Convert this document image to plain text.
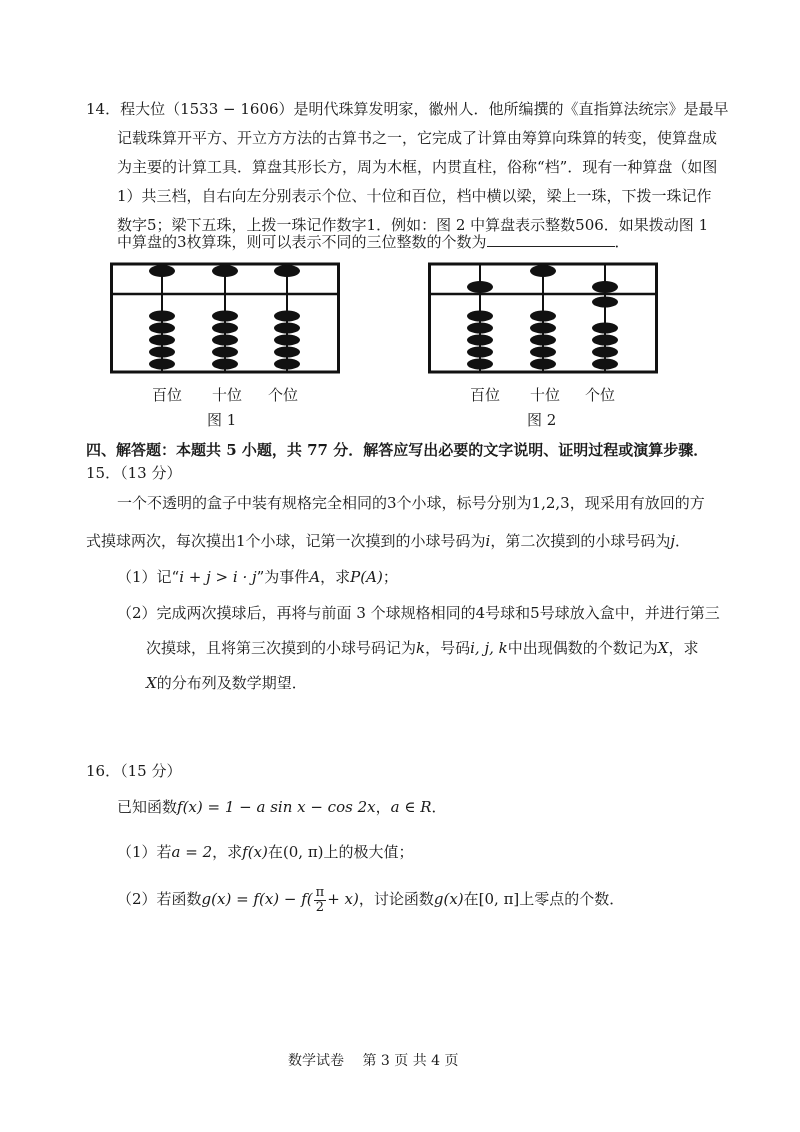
14．程大位（1533 − 1606）是明代珠算发明家，徽州人．他所编撰的《直指算法统宗》是最早
记载珠算开平方、开立方方法的古算书之一，它完成了计算由筹算向珠算的转变，使算盘成
为主要的计算工具．算盘其形长方，周为木框，内贯直柱，俗称“档”．现有一种算盘（如图
1）共三档，自右向左分别表示个位、十位和百位，档中横以梁，梁上一珠，下拨一珠记作
数字5；梁下五珠，上拨一珠记作数字1．例如：图 2 中算盘表示整数506．如果拨动图 1
中算盘的3枚算珠，则可以表示不同的三位整数的个数为	．
百位 十位 个位
图 1
百位 十位 个位
图 2
四、解答题：本题共 5 小题，共 77 分．解答应写出必要的文字说明、证明过程或演算步骤．
15．（13 分）
一个不透明的盒子中装有规格完全相同的3个小球，标号分别为1,2,3，现采用有放回的方
式摸球两次，每次摸出1个小球，记第一次摸到的小球号码为i，第二次摸到的小球号码为j．
（1）记“i + j > i · j”为事件A，求P(A)；
（2）完成两次摸球后，再将与前面 3 个球规格相同的4号球和5号球放入盒中，并进行第三
次摸球，且将第三次摸到的小球号码记为k，号码i, j, k中出现偶数的个数记为X，求
X的分布列及数学期望．
16．（15 分）
已知函数f(x) = 1 − a sin x − cos 2x，a ∈ R．
（1）若a = 2，求f(x)在(0, π)上的极大值；
（2）若函数$g(x) = f(x) - f( \frac{\pi}{2} + x)$，讨论函数g(x)在[0, π]上零点的个数．
数学试卷　 第 3 页 共 4 页
